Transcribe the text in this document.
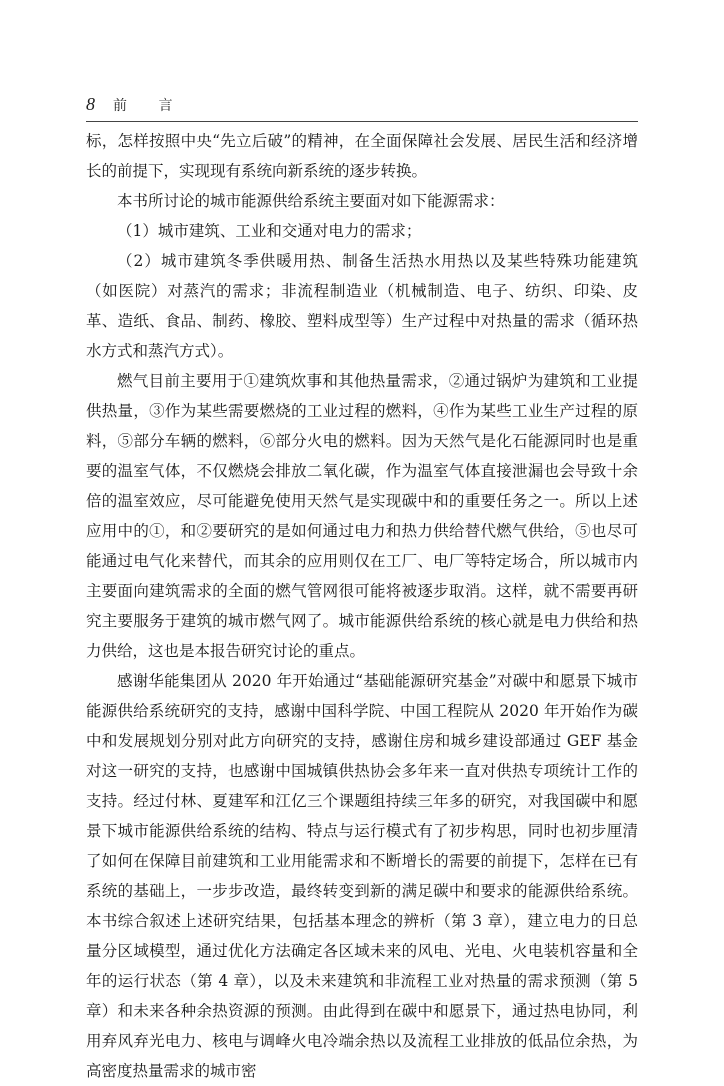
8 前 言

标，怎样按照中央“先立后破”的精神，在全面保障社会发展、居民生活和经济增长的前提下，实现现有系统向新系统的逐步转换。

本书所讨论的城市能源供给系统主要面对如下能源需求：

（1）城市建筑、工业和交通对电力的需求；

（2）城市建筑冬季供暖用热、制备生活热水用热以及某些特殊功能建筑（如医院）对蒸汽的需求；非流程制造业（机械制造、电子、纺织、印染、皮革、造纸、食品、制药、橡胶、塑料成型等）生产过程中对热量的需求（循环热水方式和蒸汽方式）。

燃气目前主要用于①建筑炊事和其他热量需求，②通过锅炉为建筑和工业提供热量，③作为某些需要燃烧的工业过程的燃料，④作为某些工业生产过程的原料，⑤部分车辆的燃料，⑥部分火电的燃料。因为天然气是化石能源同时也是重要的温室气体，不仅燃烧会排放二氧化碳，作为温室气体直接泄漏也会导致十余倍的温室效应，尽可能避免使用天然气是实现碳中和的重要任务之一。所以上述应用中的①，和②要研究的是如何通过电力和热力供给替代燃气供给，⑤也尽可能通过电气化来替代，而其余的应用则仅在工厂、电厂等特定场合，所以城市内主要面向建筑需求的全面的燃气管网很可能将被逐步取消。这样，就不需要再研究主要服务于建筑的城市燃气网了。城市能源供给系统的核心就是电力供给和热力供给，这也是本报告研究讨论的重点。

感谢华能集团从 2020 年开始通过“基础能源研究基金”对碳中和愿景下城市能源供给系统研究的支持，感谢中国科学院、中国工程院从 2020 年开始作为碳中和发展规划分别对此方向研究的支持，感谢住房和城乡建设部通过 GEF 基金对这一研究的支持，也感谢中国城镇供热协会多年来一直对供热专项统计工作的支持。经过付林、夏建军和江亿三个课题组持续三年多的研究，对我国碳中和愿景下城市能源供给系统的结构、特点与运行模式有了初步构思，同时也初步厘清了如何在保障目前建筑和工业用能需求和不断增长的需要的前提下，怎样在已有系统的基础上，一步步改造，最终转变到新的满足碳中和要求的能源供给系统。本书综合叙述上述研究结果，包括基本理念的辨析（第 3 章），建立电力的日总量分区域模型，通过优化方法确定各区域未来的风电、光电、火电装机容量和全年的运行状态（第 4 章），以及未来建筑和非流程工业对热量的需求预测（第 5 章）和未来各种余热资源的预测。由此得到在碳中和愿景下，通过热电协同，利用弃风弃光电力、核电与调峰火电冷端余热以及流程工业排放的低品位余热，为高密度热量需求的城市密
